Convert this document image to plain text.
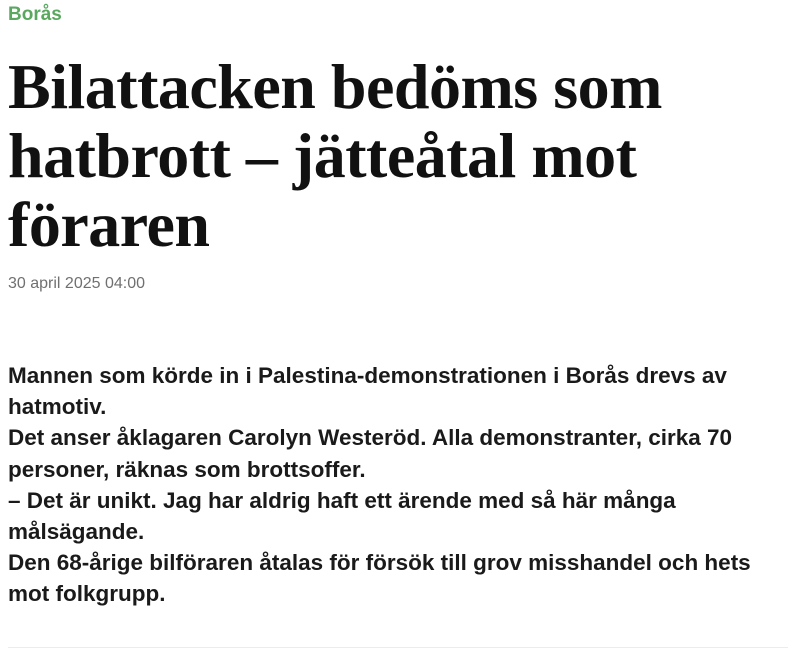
Borås
Bilattacken bedöms som hatbrott – jätteåtal mot föraren
30 april 2025 04:00

Mannen som körde in i Palestina-demonstrationen i Borås drevs av hatmotiv.

Det anser åklagaren Carolyn Westeröd. Alla demonstranter, cirka 70 personer, räknas som brottsoffer.

– Det är unikt. Jag har aldrig haft ett ärende med så här många målsägande.

Den 68-årige bilföraren åtalas för försök till grov misshandel och hets mot folkgrupp.
